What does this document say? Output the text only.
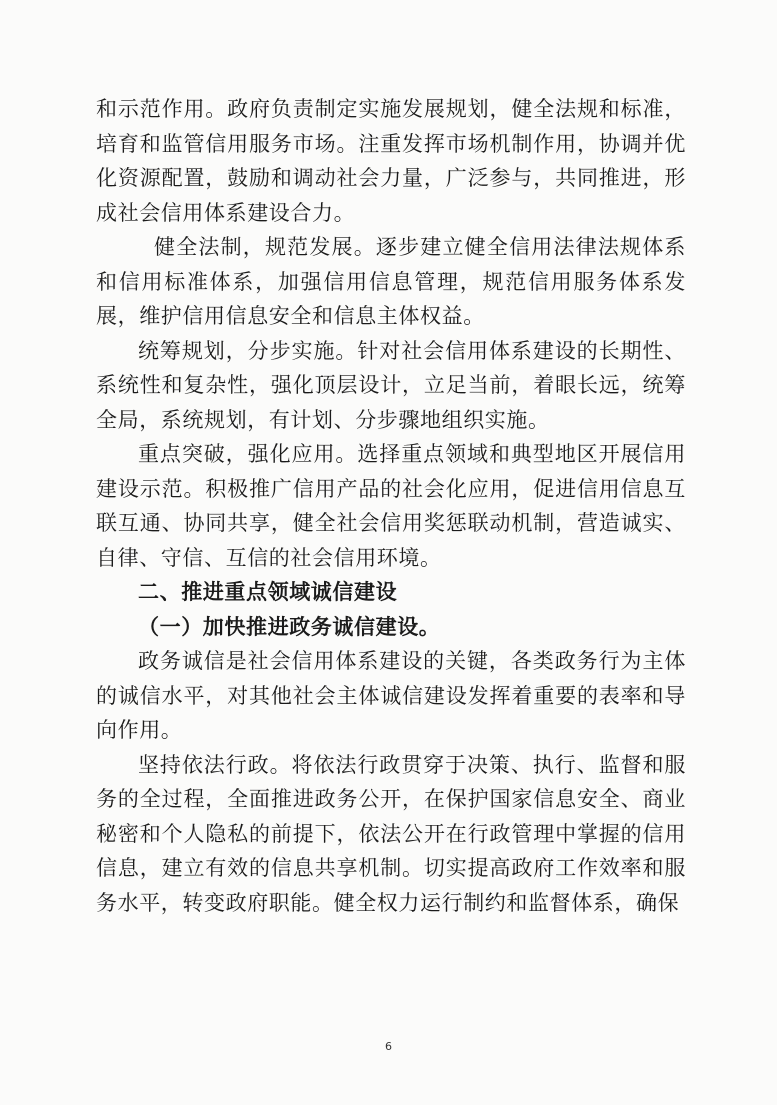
和示范作用。政府负责制定实施发展规划，健全法规和标准，培育和监管信用服务市场。注重发挥市场机制作用，协调并优化资源配置，鼓励和调动社会力量，广泛参与，共同推进，形成社会信用体系建设合力。

健全法制，规范发展。逐步建立健全信用法律法规体系和信用标准体系，加强信用信息管理，规范信用服务体系发展，维护信用信息安全和信息主体权益。

统筹规划，分步实施。针对社会信用体系建设的长期性、系统性和复杂性，强化顶层设计，立足当前，着眼长远，统筹全局，系统规划，有计划、分步骤地组织实施。

重点突破，强化应用。选择重点领域和典型地区开展信用建设示范。积极推广信用产品的社会化应用，促进信用信息互联互通、协同共享，健全社会信用奖惩联动机制，营造诚实、自律、守信、互信的社会信用环境。

二、推进重点领域诚信建设

（一）加快推进政务诚信建设。

政务诚信是社会信用体系建设的关键，各类政务行为主体的诚信水平，对其他社会主体诚信建设发挥着重要的表率和导向作用。

坚持依法行政。将依法行政贯穿于决策、执行、监督和服务的全过程，全面推进政务公开，在保护国家信息安全、商业秘密和个人隐私的前提下，依法公开在行政管理中掌握的信用信息，建立有效的信息共享机制。切实提高政府工作效率和服务水平，转变政府职能。健全权力运行制约和监督体系，确保

6
